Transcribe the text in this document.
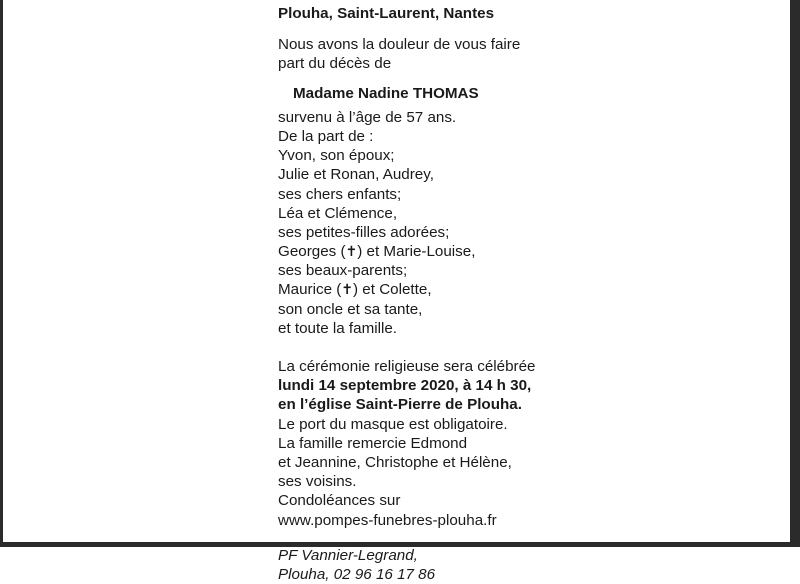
Plouha, Saint-Laurent, Nantes
Nous avons la douleur de vous faire
part du décès de
Madame Nadine THOMAS
survenu à l’âge de 57 ans.
De la part de :
Yvon, son époux;
Julie et Ronan, Audrey,
ses chers enfants;
Léa et Clémence,
ses petites-filles adorées;
Georges (✝) et Marie-Louise,
ses beaux-parents;
Maurice (✝) et Colette,
son oncle et sa tante,
et toute la famille.
La cérémonie religieuse sera célébrée
lundi 14 septembre 2020, à 14 h 30,
en l’église Saint-Pierre de Plouha.
Le port du masque est obligatoire.
La famille remercie Edmond
et Jeannine, Christophe et Hélène,
ses voisins.
Condoléances sur
www.pompes-funebres-plouha.fr
PF Vannier-Legrand,
Plouha, 02 96 16 17 86
